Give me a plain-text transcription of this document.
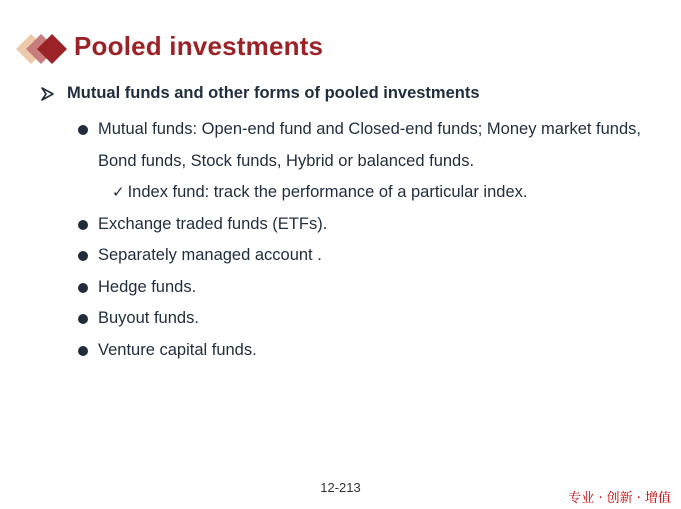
Pooled investments
Mutual funds and other forms of pooled investments
Mutual funds: Open-end fund and Closed-end funds; Money market funds, Bond funds, Stock funds, Hybrid or balanced funds.
✓ Index fund: track the performance of a particular index.
Exchange traded funds (ETFs).
Separately managed account .
Hedge funds.
Buyout funds.
Venture capital funds.
12-213
专业 · 创新 · 增值
